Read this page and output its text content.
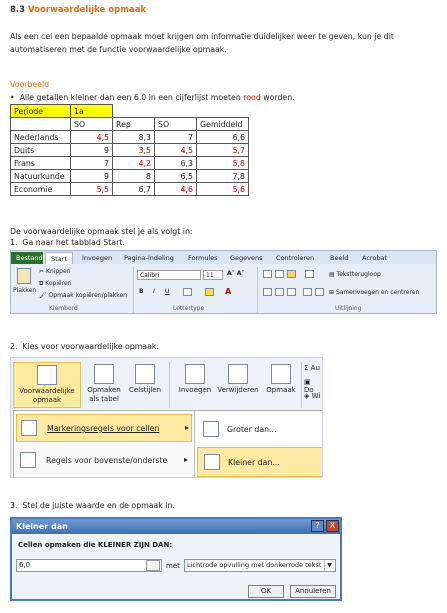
8.3 Voorwaardelijke opmaak
Als een cel een bepaalde opmaak moet krijgen om informatie duidelijker weer te geven, kun je dit automatiseren met de functie voorwaardelijke opmaak.
Voorbeeld
•  Alle getallen kleiner dan een 6.0 in een cijferlijst moeten rood worden.
Periode	1a			
	SO	Rep	SO	Gemiddeld
Nederlands	4,5	8,3	7	6,6
Duits	9	3,5	4,5	5,7
Frans	7	4,2	6,3	5,8
Natuurkunde	9	8	6,5	7,8
Economie	5,5	6,7	4,6	5,6
De voorwaardelijke opmaak stel je als volgt in:
1. Ga naar het tabblad Start.
Bestand	Start	Invoegen	Pagina-indeling	Formules	Gegevens	Controleren	Beeld	Acrobat
Plakken
✂ Knippen
⧉ Kopiëren
🖌 Opmaak kopiëren/plakken
Klembord
Calibri	11	A˄ A˅
B I U	A
Lettertype
▤ Tekstterugloop
⊞ Samenvoegen en centreren
Uitlijning
2. Kies voor voorwaardelijke opmaak.
Voorwaardelijke
opmaak
Opmaken
als tabel
Celstijlen	Invoegen Verwijderen	Opmaak
Σ Au
▣ Do
◈ Wi
Markeringsregels voor cellen	▸
Regels voor bovenste/onderste ▸
Groter dan...
Kleiner dan...
3. Stel de juiste waarde en de opmaak in.
Kleiner dan	?	X
Cellen opmaken die KLEINER ZIJN DAN:
6,0	met	Lichtrode opvulling met donkerrode tekst ▼
OK	Annuleren
